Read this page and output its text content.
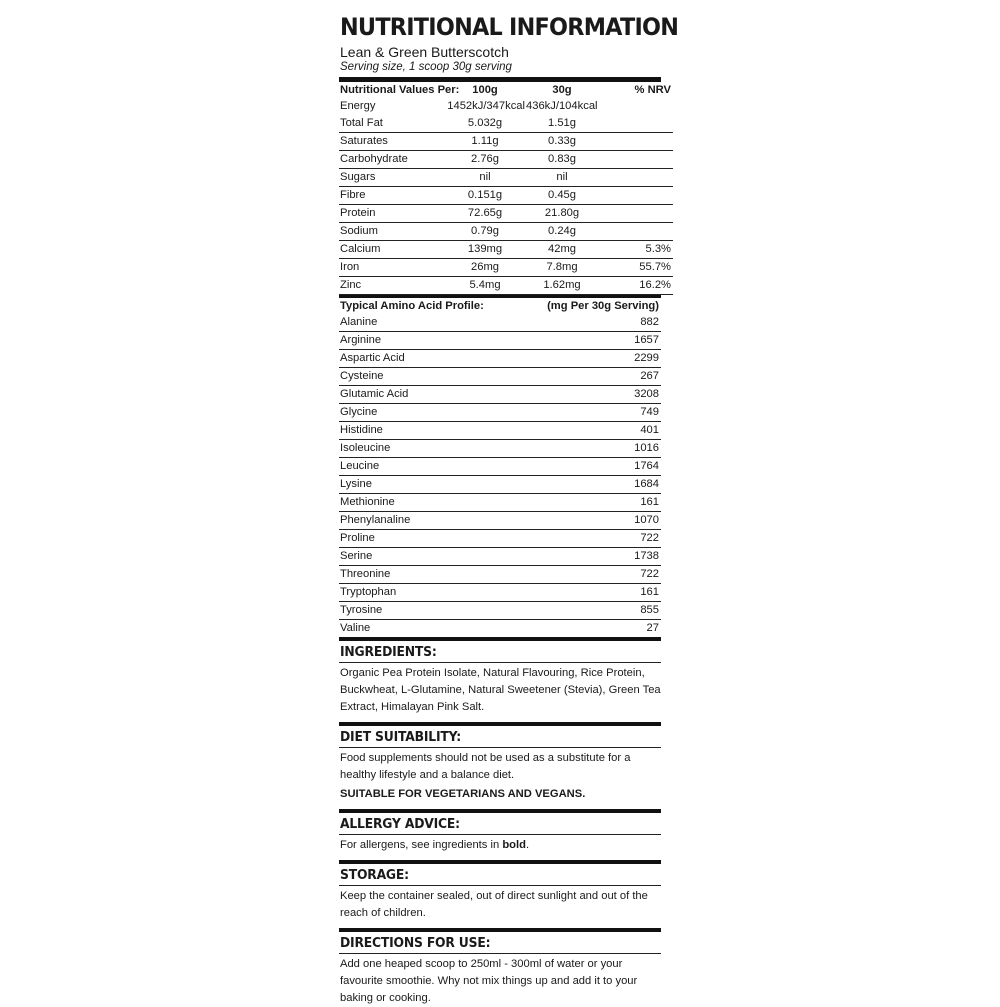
NUTRITIONAL INFORMATION
Lean & Green Butterscotch
Serving size, 1 scoop 30g serving
Nutritional Values Per:	100g	30g	% NRV
Energy	1452kJ/347kcal	436kJ/104kcal	
Total Fat	5.032g	1.51g	
Saturates	1.11g	0.33g	
Carbohydrate	2.76g	0.83g	
Sugars	nil	nil	
Fibre	0.151g	0.45g	
Protein	72.65g	21.80g	
Sodium	0.79g	0.24g	
Calcium	139mg	42mg	5.3%
Iron	26mg	7.8mg	55.7%
Zinc	5.4mg	1.62mg	16.2%
Typical Amino Acid Profile:	(mg Per 30g Serving)
Alanine	882
Arginine	1657
Aspartic Acid	2299
Cysteine	267
Glutamic Acid	3208
Glycine	749
Histidine	401
Isoleucine	1016
Leucine	1764
Lysine	1684
Methionine	161
Phenylanaline	1070
Proline	722
Serine	1738
Threonine	722
Tryptophan	161
Tyrosine	855
Valine	27
INGREDIENTS:

Organic Pea Protein Isolate, Natural Flavouring, Rice Protein, Buckwheat, L-Glutamine, Natural Sweetener (Stevia), Green Tea Extract, Himalayan Pink Salt.

DIET SUITABILITY:

Food supplements should not be used as a substitute for a healthy lifestyle and a balance diet.

SUITABLE FOR VEGETARIANS AND VEGANS.

ALLERGY ADVICE:

For allergens, see ingredients in bold.

STORAGE:

Keep the container sealed, out of direct sunlight and out of the reach of children.

DIRECTIONS FOR USE:

Add one heaped scoop to 250ml - 300ml of water or your favourite smoothie. Why not mix things up and add it to your baking or cooking.
